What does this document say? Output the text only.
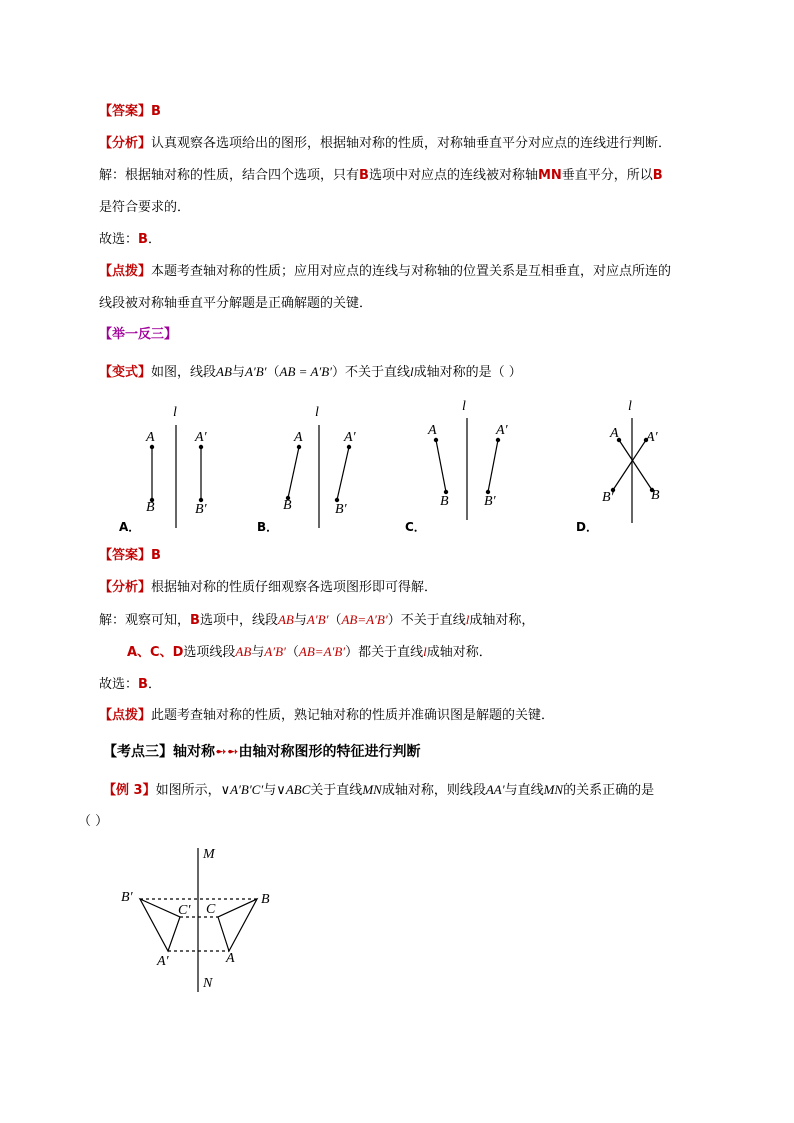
【答案】B
【分析】认真观察各选项给出的图形，根据轴对称的性质，对称轴垂直平分对应点的连线进行判断．
解：根据轴对称的性质，结合四个选项，只有B选项中对应点的连线被对称轴MN垂直平分，所以B
是符合要求的．
故选：B．
【点拨】本题考查轴对称的性质；应用对应点的连线与对称轴的位置关系是互相垂直，对应点所连的
线段被对称轴垂直平分解题是正确解题的关键．
【举一反三】
【变式】如图，线段AB与A′B′（AB = A′B′）不关于直线l成轴对称的是（ ）
l
A	A′
B	B′
A．
l
A	A′
B	B′
B．
l
A	A′
B	B′
C．
l
A A′
B
B′
D．
【答案】B
【分析】根据轴对称的性质仔细观察各选项图形即可得解．
解：观察可知，B选项中，线段AB与A′B′（AB=A′B′）不关于直线l成轴对称，
A、C、D选项线段AB与A′B′（AB=A′B′）都关于直线l成轴对称．
故选：B．
【点拨】此题考查轴对称的性质，熟记轴对称的性质并准确识图是解题的关键．
【考点三】轴对称➻➻由轴对称图形的特征进行判断
【例 3】如图所示，∨A′B′C′与∨ABC关于直线MN成轴对称，则线段AA′与直线MN的关系正确的是
（ ）
M
N
B′
C′ C
B
A′	A
